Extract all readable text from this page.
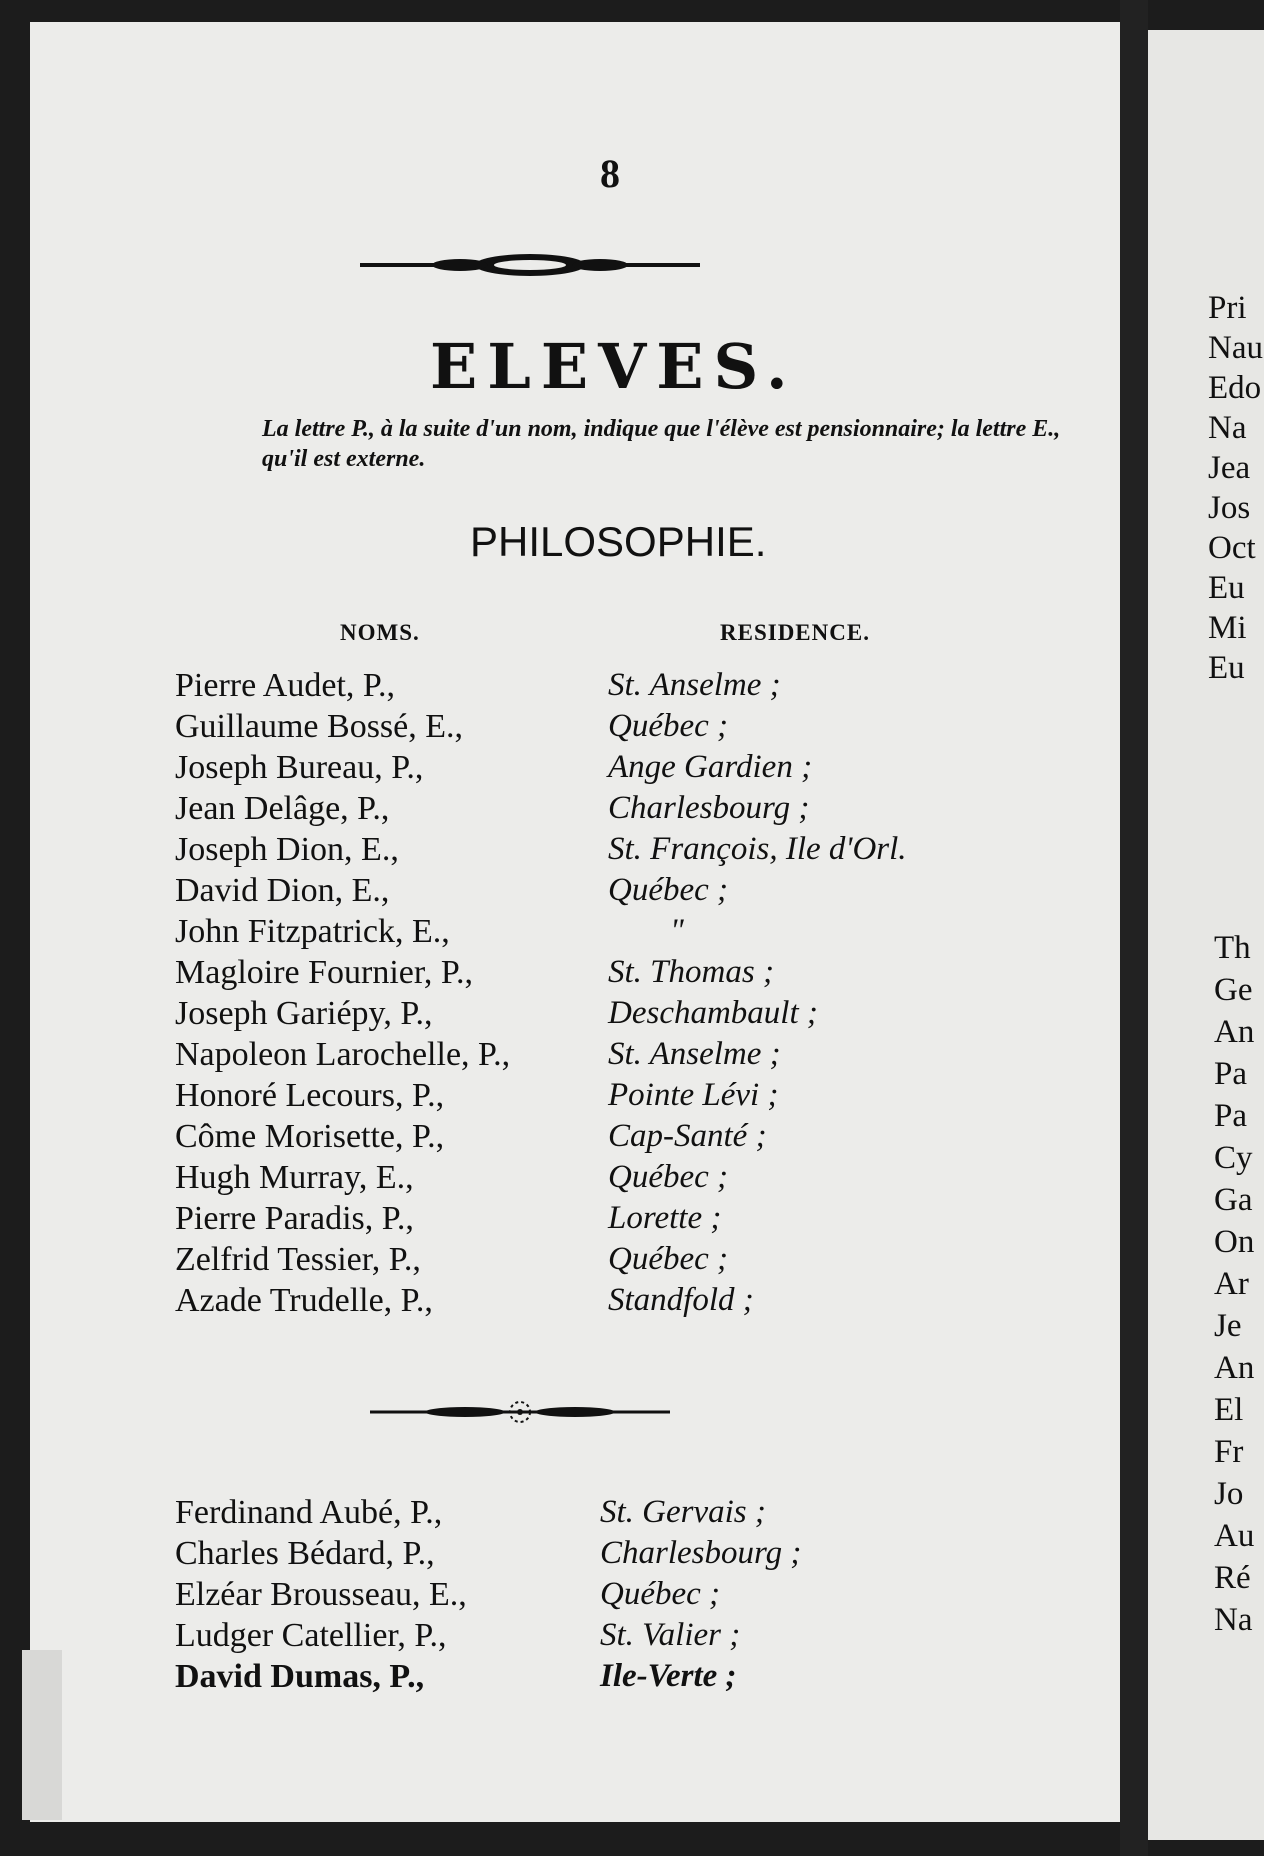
8
ELEVES.
La lettre P., à la suite d'un nom, indique que l'élève est pensionnaire; la lettre E., qu'il est externe.
PHILOSOPHIE.
NOMS.	RESIDENCE.
Pierre Audet, P.,	St. Anselme ;
Guillaume Bossé, E.,	Québec ;
Joseph Bureau, P.,	Ange Gardien ;
Jean Delâge, P.,	Charlesbourg ;
Joseph Dion, E.,	St. François, Ile d'Orl.
David Dion, E.,	Québec ;
John Fitzpatrick, E.,	"
Magloire Fournier, P.,	St. Thomas ;
Joseph Gariépy, P.,	Deschambault ;
Napoleon Larochelle, P.,	St. Anselme ;
Honoré Lecours, P.,	Pointe Lévi ;
Côme Morisette, P.,	Cap-Santé ;
Hugh Murray, E.,	Québec ;
Pierre Paradis, P.,	Lorette ;
Zelfrid Tessier, P.,	Québec ;
Azade Trudelle, P.,	Standfold ;
Ferdinand Aubé, P.,	St. Gervais ;
Charles Bédard, P.,	Charlesbourg ;
Elzéar Brousseau, E.,	Québec ;
Ludger Catellier, P.,	St. Valier ;
David Dumas, P.,	Ile-Verte ;
Pri
Nau
Edo
Na
Jea
Jos
Oct
Eu
Mi
Eu
Th
Ge
An
Pa
Pa
Cy
Ga
On
Ar
Je
An
El
Fr
Jo
Au
Ré
Na
